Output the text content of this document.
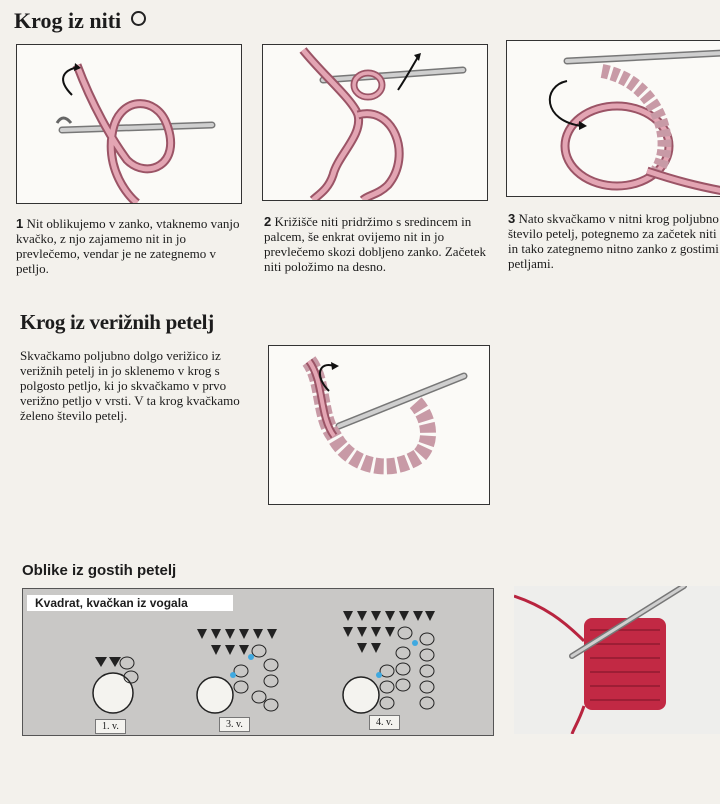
Krog iz niti
1 Nit oblikujemo v zanko, vtaknemo vanjo kvačko, z njo zajamemo nit in jo prevlečemo, vendar je ne zategnemo v petljo.
2 Križišče niti pridržimo s sredincem in palcem, še enkrat ovijemo nit in jo prevlečemo skozi dobljeno zanko. Začetek niti položimo na desno.
3 Nato skvačkamo v nitni krog poljubno število petelj, potegnemo za začetek niti in tako zategnemo nitno zanko z gostimi petljami.
Krog iz verižnih petelj
Skvačkamo poljubno dolgo verižico iz verižnih petelj in jo sklenemo v krog s polgosto petljo, ki jo skvačkamo v prvo verižno petljo v vrsti. V ta krog kvačkamo želeno število petelj.
Oblike iz gostih petelj
Kvadrat, kvačkan iz vogala
1. v.	3. v.	4. v.
